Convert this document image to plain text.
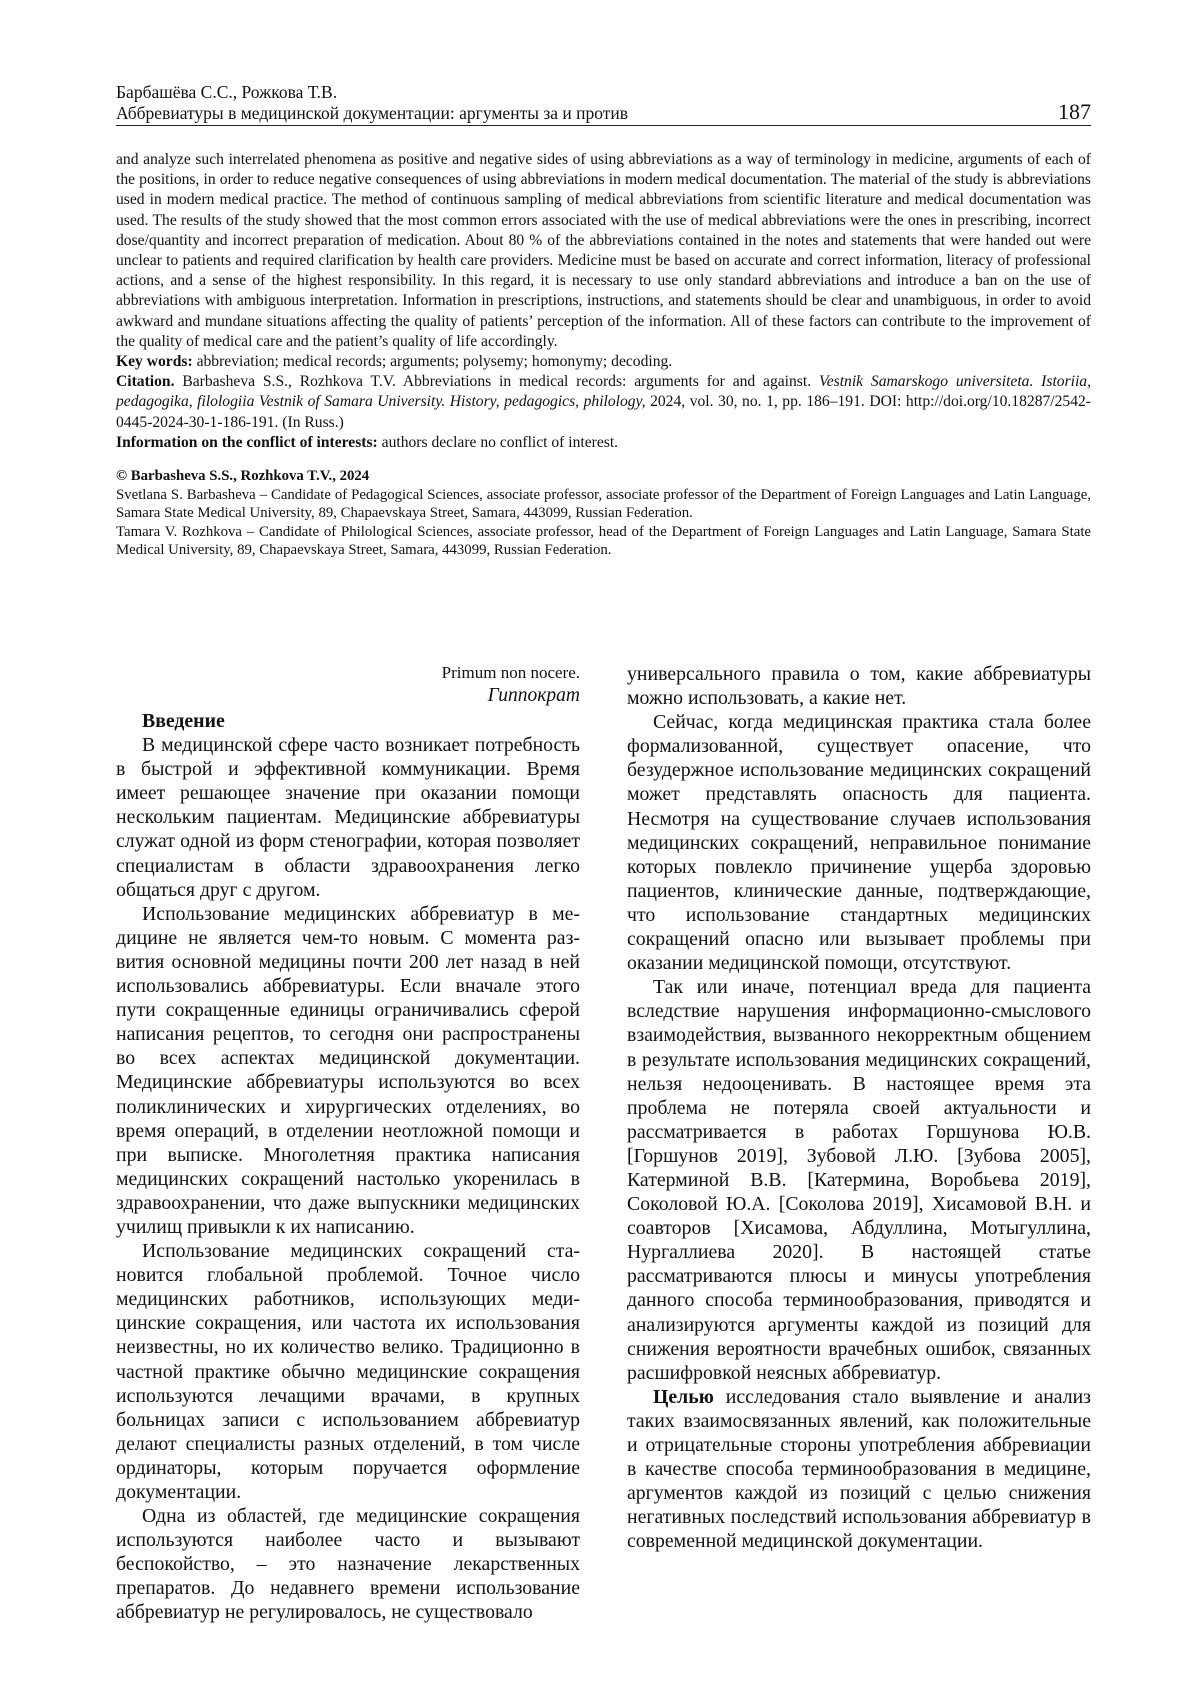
Барбашёва С.С., Рожкова Т.В.
Аббревиатуры в медицинской документации: аргументы за и против	187

and analyze such interrelated phenomena as positive and negative sides of using abbreviations as a way of terminology in medicine, arguments of each of the positions, in order to reduce negative consequences of using abbreviations in modern medical documentation. The material of the study is abbreviations used in modern medical practice. The method of continuous sampling of medical abbreviations from scientific literature and medical documentation was used. The results of the study showed that the most common errors associated with the use of medical abbreviations were the ones in prescribing, incorrect dose/quantity and incorrect preparation of medication. About 80 % of the abbreviations contained in the notes and statements that were handed out were unclear to patients and required clarification by health care providers. Medicine must be based on accurate and correct information, literacy of professional actions, and a sense of the highest responsibility. In this regard, it is necessary to use only standard abbreviations and introduce a ban on the use of abbreviations with ambiguous interpretation. Information in prescriptions, instructions, and statements should be clear and unambiguous, in order to avoid awkward and mundane situations affecting the quality of patients’ perception of the information. All of these factors can contribute to the improvement of the quality of medical care and the patient’s quality of life accordingly.

Key words: abbreviation; medical records; arguments; polysemy; homonymy; decoding.

Citation. Barbasheva S.S., Rozhkova T.V. Abbreviations in medical records: arguments for and against. Vestnik Samarskogo universiteta. Istoriia, pedagogika, filologiia Vestnik of Samara University. History, pedagogics, philology, 2024, vol. 30, no. 1, pp. 186–191. DOI: http://doi.org/10.18287/2542-0445-2024-30-1-186-191. (In Russ.)

Information on the conflict of interests: authors declare no conflict of interest.

© Barbasheva S.S., Rozhkova T.V., 2024

Svetlana S. Barbasheva – Candidate of Pedagogical Sciences, associate professor, associate professor of the Department of Foreign Languages and Latin Language, Samara State Medical University, 89, Chapaevskaya Street, Samara, 443099, Russian Federation.

Tamara V. Rozhkova – Candidate of Philological Sciences, associate professor, head of the Department of Foreign Languages and Latin Language, Samara State Medical University, 89, Chapaevskaya Street, Samara, 443099, Russian Federation.

Primum non nocere.

Гиппократ

Введение

В медицинской сфере часто возникает потребность в быстрой и эффективной коммуникации. Время имеет решающее значение при оказании помощи нескольким пациентам. Медицинские аббревиатуры служат одной из форм стенографии, которая позволяет специалистам в области здравоохранения легко общаться друг с другом.

Использование медицинских аббревиатур в медицине не является чем-то новым. С момента развития основной медицины почти 200 лет назад в ней использовались аббревиатуры. Если вначале этого пути сокращенные единицы ограничивались сферой написания рецептов, то сегодня они распространены во всех аспектах медицинской документации. Медицинские аббревиатуры используются во всех поликлинических и хирургических отделениях, во время операций, в отделении неотложной помощи и при выписке. Многолетняя практика написания медицинских сокращений настолько укоренилась в здравоохранении, что даже выпускники медицинских училищ привыкли к их написанию.

Использование медицинских сокращений становится глобальной проблемой. Точное число медицинских работников, использующих медицинские сокращения, или частота их использования неизвестны, но их количество велико. Традиционно в частной практике обычно медицинские сокращения используются лечащими врачами, в крупных больницах записи с использованием аббревиатур делают специалисты разных отделений, в том числе ординаторы, которым поручается оформление документации.

Одна из областей, где медицинские сокращения используются наиболее часто и вызывают беспокойство, – это назначение лекарственных препаратов. До недавнего времени использование аббревиатур не регулировалось, не существовало

универсального правила о том, какие аббревиатуры можно использовать, а какие нет.

Сейчас, когда медицинская практика стала более формализованной, существует опасение, что безудержное использование медицинских сокращений может представлять опасность для пациента. Несмотря на существование случаев использования медицинских сокращений, неправильное понимание которых повлекло причинение ущерба здоровью пациентов, клинические данные, подтверждающие, что использование стандартных медицинских сокращений опасно или вызывает проблемы при оказании медицинской помощи, отсутствуют.

Так или иначе, потенциал вреда для пациента вследствие нарушения информационно-смыслового взаимодействия, вызванного некорректным общением в результате использования медицинских сокращений, нельзя недооценивать. В настоящее время эта проблема не потеряла своей актуальности и рассматривается в работах Горшунова Ю.В. [Горшунов 2019], Зубовой Л.Ю. [Зубова 2005], Катерминой В.В. [Катермина, Воробьева 2019], Соколовой Ю.А. [Соколова 2019], Хисамовой В.Н. и соавторов [Хисамова, Абдуллина, Мотыгуллина, Нургаллиева 2020]. В настоящей статье рассматриваются плюсы и минусы употребления данного способа терминообразования, приводятся и анализируются аргументы каждой из позиций для снижения вероятности врачебных ошибок, связанных расшифровкой неясных аббревиатур.

Целью исследования стало выявление и анализ таких взаимосвязанных явлений, как положительные и отрицательные стороны употребления аббревиации в качестве способа терминообразования в медицине, аргументов каждой из позиций с целью снижения негативных последствий использования аббревиатур в современной медицинской документации.
